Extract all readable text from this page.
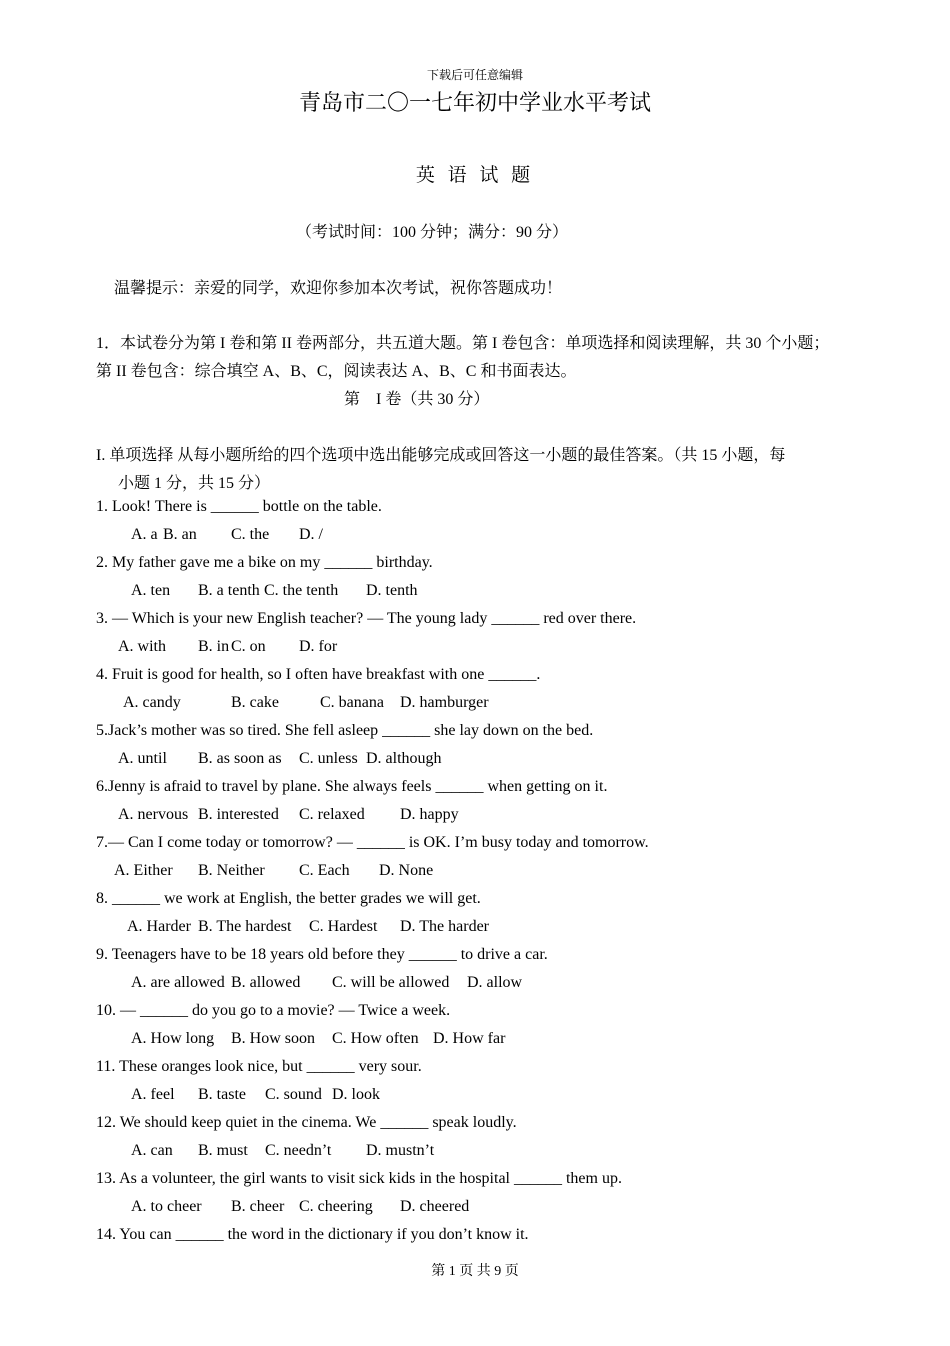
下载后可任意编辑
青岛市二〇一七年初中学业水平考试
英 语 试 题
（考试时间：100 分钟；满分：90 分）
温馨提示：亲爱的同学，欢迎你参加本次考试，祝你答题成功！
1．本试卷分为第 I 卷和第 II 卷两部分，共五道大题。第 I 卷包含：单项选择和阅读理解，共 30 个小题；
第 II 卷包含：综合填空 A、B、C，阅读表达 A、B、C 和书面表达。
第　I 卷（共 30 分）
I. 单项选择 从每小题所给的四个选项中选出能够完成或回答这一小题的最佳答案。（共 15 小题，每
小题 1 分，共 15 分）
1. Look! There is ______ bottle on the table.
A. a B. an C. the D. /
2. My father gave me a bike on my ______ birthday.
A. ten B. a tenth C. the tenth D. tenth
3. — Which is your new English teacher? — The young lady ______ red over there.
A. with B. in C. on D. for
4. Fruit is good for health, so I often have breakfast with one ______.
A. candy	B. cake	C. banana D. hamburger
5.Jack’s mother was so tired. She fell asleep ______ she lay down on the bed.
A. until B. as soon as C. unless D. although
6.Jenny is afraid to travel by plane. She always feels ______ when getting on it.
A. nervous B. interested C. relaxed D. happy
7.— Can I come today or tomorrow? — ______ is OK. I’m busy today and tomorrow.
A. Either B. Neither C. Each D. None
8. ______ we work at English, the better grades we will get.
A. Harder B. The hardest C. Hardest D. The harder
9. Teenagers have to be 18 years old before they ______ to drive a car.
A. are allowed B. allowed C. will be allowed D. allow
10. — ______ do you go to a movie? — Twice a week.
A. How long B. How soon C. How often D. How far
11. These oranges look nice, but ______ very sour.
A. feel B. taste C. sound D. look
12. We should keep quiet in the cinema. We ______ speak loudly.
A. can B. must C. needn’t D. mustn’t
13. As a volunteer, the girl wants to visit sick kids in the hospital ______ them up.
A. to cheer B. cheer C. cheering D. cheered
14. You can ______ the word in the dictionary if you don’t know it.
第 1 页 共 9 页
